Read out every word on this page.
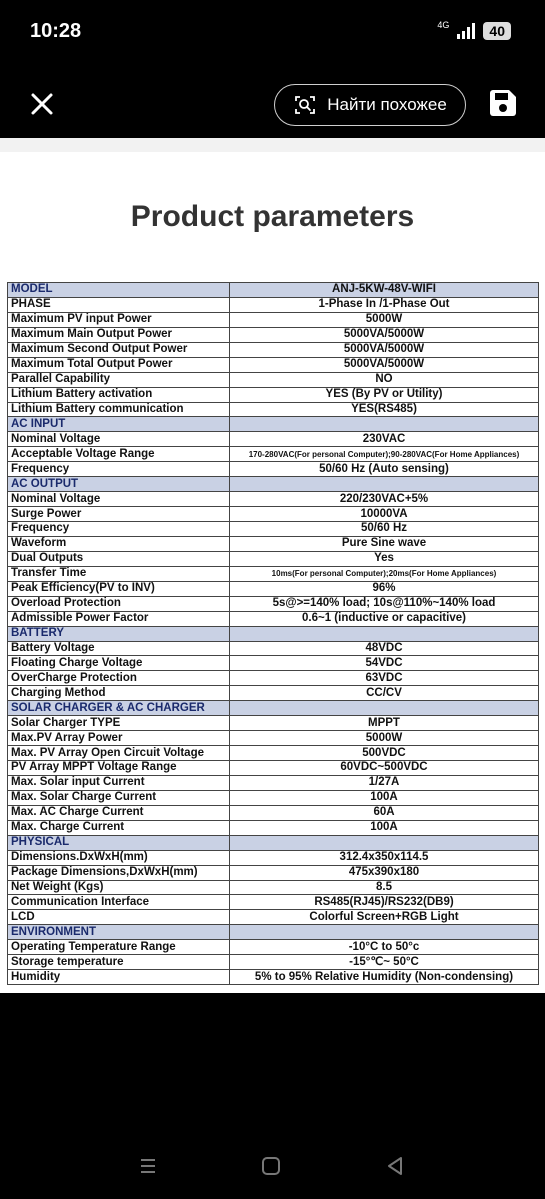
10:28	4G	40
Найти похожее
Product parameters
MODEL	ANJ-5KW-48V-WIFI
PHASE	1-Phase In /1-Phase Out
Maximum PV input Power	5000W
Maximum Main Output Power	5000VA/5000W
Maximum Second Output Power	5000VA/5000W
Maximum Total Output Power	5000VA/5000W
Parallel Capability	NO
Lithium Battery activation	YES (By PV or Utility)
Lithium Battery communication	YES(RS485)
AC INPUT	
Nominal Voltage	230VAC
Acceptable Voltage Range	170-280VAC(For personal Computer);90-280VAC(For Home Appliances)
Frequency	50/60 Hz (Auto sensing)
AC OUTPUT	
Nominal Voltage	220/230VAC+5%
Surge Power	10000VA
Frequency	50/60 Hz
Waveform	Pure Sine wave
Dual Outputs	Yes
Transfer Time	10ms(For personal Computer);20ms(For Home Appliances)
Peak Efficiency(PV to INV)	96%
Overload Protection	5s@>=140% load; 10s@110%~140% load
Admissible Power Factor	0.6~1 (inductive or capacitive)
BATTERY	
Battery Voltage	48VDC
Floating Charge Voltage	54VDC
OverCharge Protection	63VDC
Charging Method	CC/CV
SOLAR CHARGER & AC CHARGER	
Solar Charger TYPE	MPPT
Max.PV Array Power	5000W
Max. PV Array Open Circuit Voltage	500VDC
PV Array MPPT Voltage Range	60VDC~500VDC
Max. Solar input Current	1/27A
Max. Solar Charge Current	100A
Max. AC Charge Current	60A
Max. Charge Current	100A
PHYSICAL	
Dimensions.DxWxH(mm)	312.4x350x114.5
Package Dimensions,DxWxH(mm)	475x390x180
Net Weight (Kgs)	8.5
Communication Interface	RS485(RJ45)/RS232(DB9)
LCD	Colorful Screen+RGB Light
ENVIRONMENT	
Operating Temperature Range	-10°C to 50°c
Storage temperature	-15°℃~ 50°C
Humidity	5% to 95% Relative Humidity (Non-condensing)
